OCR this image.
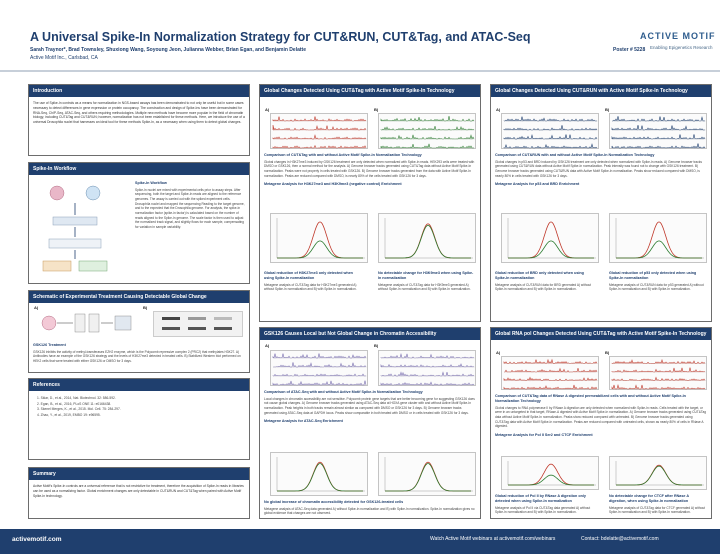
A Universal Spike-In Normalization Strategy for CUT&RUN, CUT&Tag, and ATAC-Seq
Sarah Traynor*, Brad Townsley, Shuxiong Wang, Soyoung Jeon, Julianna Webber, Brian Egan, and Benjamin Delatte
Active Motif Inc., Carlsbad, CA
Poster # 5228
ACTIVE MOTIF
Enabling Epigenetics Research
Introduction
The use of Spike-In controls as a means for normalization in NGS-based assays has been demonstrated to not only be useful but in some cases necessary to detect differences in gene expression or protein occupancy. The construction and design of Spike-Ins have been demonstrated for RNA-Seq, ChIP-Seq, ATAC-Seq, and others requiring methodologies. Multiple new methods have become more popular in the field of chromatin biology, including CUT&Tag and CUT&RUN; however, normalization has not been established for these methods. Here, we introduce the use of a universal Drosophila nuclei that harnesses an ideal tool for these methods Spike-In, as a necessary when using them to detect global changes.
Spike-In Workflow
Spike-In Workflow
Spike-In nuclei are mixed with experimental cells prior to assay steps. After sequencing, both the target and Spike-In reads are aligned to the reference genomes. The assay is carried out with the spiked experiment cells. Drosophila nuclei and mapped the sequencing Reading to the target genome, and to the expected that the Drosophila genome. For analysis, the spike-in normalization factor (spike-in factor) is calculated based on the number of reads aligned to the Spike-In genome. The scale factor is then used to adjust the normalized track signal, and slightly flows for each sample, compensating for variation in sample variability.
Schematic of Experimental Treatment Causing Detectable Global Change
A)	B)
GSK126 Treatment
GSK126 inhibits the activity of methyl-transferases EZH2 enzyme, which is the Polycomb repressive complex 2 (PRC2) that methylates H3K27. A) Antibodies have an example of the GSK126 strategy and the levels of H3K27me3 detected in treated cells. B) Stabilized Western blot performed on HEK2 cells that were treated with either GSK126 or DMSO for 3 days.
References
1. Sklar, D., et al., 2014, Nat. Biotechnol. 32: 586-592.
2. Egan, B., et al., 2016, PLoS ONE 11: e0166438.
3. Skenel Merges, K., et al., 2015. Mol. Cell. 75: 284-297.
4. Zhao, Y., et al., 2019, EMBO 19: e96595.
Summary
Active Motif's Spike-In controls are a universal reference that is not restrictive for treatment, therefore the acquisition of Spike-In reads in libraries can be used as a normalizing factor. Global enrichment changes are only detectable in CUT&RUN and CUT&Tag when paired with Active Motif Spike-In technology.
Global Changes Detected Using CUT&Tag with Active Motif Spike-In Technology
A)	B)
Comparison of CUT&Tag with and without Active Motif Spike-In Normalization Technology
Global changes in H3K27me3 induced by GSK126 treatment are only detected when normalized with Spike-In reads. HEK293 cells were treated with DMSO or GSK126, then a normal method for the analysis. A) Genome browser tracks generated using CUT&Tag data without Active Motif Spike-In normalization. Peaks were not properly in cells treated with GSK126. B) Genome browser tracks generated from the data with Active Motif Spike-In normalization. Peaks are reduced compared with DMSO, is nearly 80% of the cells treated with GSK126 for 3 days.
Metagene Analysis for H3K27me3 and H3K9me3 (negative control) Enrichment
Global reduction of H3K27me3 only detected when using Spike-In normalization
Metagene analysis of CUT&Tag data for H3K27me3 generated A) without Spike-In normalization and B) with Spike-In normalization.
No detectable change for H3K9me3 when using Spike-In normalization
Metagene analysis of CUT&Tag data for H3K9me3 generated A) without Spike-In normalization and B) with Spike-In normalization.
GSK126 Causes Local but Not Global Change in Chromatin Accessibility
A)	B)
Comparison of ATAC-Seq with and without Active Motif Spike-In Normalization Technology
Local changes in chromatin accessibility are not sensitive. Polycomb protein gene targets that are better becoming gene for suggesting GSK126 does not cause global changes. A) Genome browser tracks generated using ATAC-Seq data at HOXA gene cluster with and without Active Motif Spike-In normalization. Peak heights in both tracks remain almost similar as compared with DMSO or GSK126 for 3 days. B) Genome browser tracks generated using ATAC-Seq data at GAPDH locus. Peaks show comparable in both treated with DMSO or in cells treated with GSK126 for 3 days.
Metagene Analysis for ATAC-Seq Enrichment
No global increase of chromatin accessibility detected for GSK126-treated cells
Metagene analysis of ATAC-Seq data generated A) without Spike-In normalization and B) with Spike-In normalization. Spike-In normalization gives no global evidence that changes are not observed.
Global Changes Detected Using CUT&RUN with Active Motif Spike-In Technology
A)	B)
Comparison of CUT&RUN with and without Active Motif Spike-In Normalization Technology
Global changes in p53 and BRD induced by GSK126 treatment are only detected when normalized with Spike-In reads. A) Genome browser tracks generated using CUT&RUN data without Active Motif Spike-In normalization. Peak intensity was found not to change with GSK126 treatment. B) Genome browser tracks generated using CUT&RUN data with Active Motif Spike-In normalization. Peaks show reduced compared with DMSO, is nearly 80% in cells treated with GSK126 for 3 days.
Metagene Analysis for p53 and BRD Enrichment
Global reduction of BRD only detected when using Spike-In normalization
Metagene analysis of CUT&RUN data for BRD generated A) without Spike-In normalization and B) with Spike-In normalization.
Global reduction of p53 only detected when using Spike-In normalization
Metagene analysis of CUT&RUN data for p53 generated A) without Spike-In normalization and B) with Spike-In normalization.
Global RNA pol Changes Detected Using CUT&Tag with Active Motif Spike-In Technology
A)	B)
Comparison of CUT&Tag data of RNase A digested permeabilized cells with and without Active Motif Spike-In Normalization Technology
Global changes to RNA polymerase II by RNase A digestion are only detected when normalized with Spike-In reads. Cells treated with the target, or were in an untargeted in that target, RNase-A digested with Active Motif Spike-In normalization. A) Genome browser tracks generated using CUT&Tag data without Active Motif Spike-In normalization. Peaks show reduced compared with untreated. B) Genome browser tracks generated using CUT&Tag data with Active Motif Spike-In normalization. Peaks are reduced compared with untreated cells, shown as nearly 80% of cells in RNase A digested.
Metagene Analysis for Pol II Ser2 and CTCF Enrichment
Global reduction of Pol II by RNase A digestion only detected when using Spike-In normalization
Metagene analysis of Pol II via CUT&Tag data generated A) without Spike-In normalization and B) with Spike-In normalization.
No detectable change for CTCF after RNase A digestion, when using Spike-In normalization
Metagene analysis of CUT&Tag data for CTCF generated A) without Spike-In normalization and B) with Spike-In normalization.
activemotif.com	Watch Active Motif webinars at activemotif.com/webinars	Contact: bdelatte@activemotif.com
